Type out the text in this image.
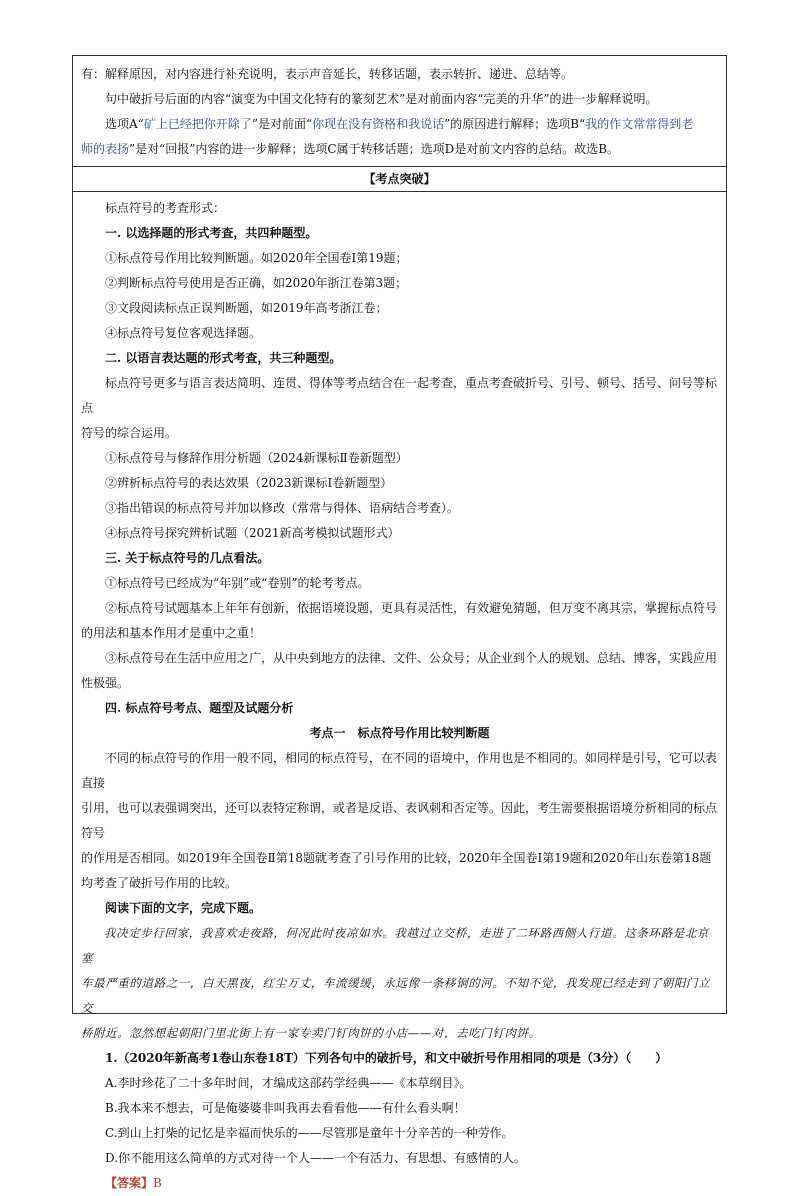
有：解释原因，对内容进行补充说明，表示声音延长，转移话题，表示转折、递进、总结等。

句中破折号后面的内容“演变为中国文化特有的篆刻艺术”是对前面内容“完美的升华”的进一步解释说明。

选项A“矿上已经把你开除了”是对前面“你现在没有资格和我说话”的原因进行解释；选项B“我的作文常常得到老

师的表扬”是对“回报”内容的进一步解释；选项C属于转移话题；选项D是对前文内容的总结。故选B。

【考点突破】

标点符号的考查形式：

一. 以选择题的形式考查，共四种题型。

①标点符号作用比较判断题。如2020年全国卷Ⅰ第19题；

②判断标点符号使用是否正确，如2020年浙江卷第3题；

③文段阅读标点正误判断题，如2019年高考浙江卷；

④标点符号复位客观选择题。

二. 以语言表达题的形式考查，共三种题型。

标点符号更多与语言表达简明、连贯、得体等考点结合在一起考查，重点考查破折号、引号、顿号、括号、问号等标点

符号的综合运用。

①标点符号与修辞作用分析题（2024新课标Ⅱ卷新题型）

②辨析标点符号的表达效果（2023新课标Ⅰ卷新题型）

③指出错误的标点符号并加以修改（常常与得体、语病结合考查）。

④标点符号探究辨析试题（2021新高考模拟试题形式）

三. 关于标点符号的几点看法。

①标点符号已经成为“年别”或“卷别”的轮考考点。

②标点符号试题基本上年年有创新，依据语境设题，更具有灵活性，有效避免猜题，但万变不离其宗，掌握标点符号

的用法和基本作用才是重中之重！

③标点符号在生活中应用之广，从中央到地方的法律、文件、公众号；从企业到个人的规划、总结、博客，实践应用

性极强。

四. 标点符号考点、题型及试题分析

考点一　标点符号作用比较判断题

不同的标点符号的作用一般不同，相同的标点符号，在不同的语境中，作用也是不相同的。如同样是引号，它可以表直接

引用，也可以表强调突出，还可以表特定称谓，或者是反语、表讽刺和否定等。因此，考生需要根据语境分析相同的标点符号

的作用是否相同。如2019年全国卷Ⅱ第18题就考查了引号作用的比较，2020年全国卷Ⅰ第19题和2020年山东卷第18题

均考查了破折号作用的比较。

阅读下面的文字，完成下题。

我决定步行回家，我喜欢走夜路，何况此时夜凉如水。我越过立交桥，走进了二环路西侧人行道。这条环路是北京塞

车最严重的道路之一，白天黑夜，红尘万丈，车流缓缓，永远像一条移铜的河。不知不觉，我发现已经走到了朝阳门立交

桥附近。忽然想起朝阳门里北街上有一家专卖门钉肉饼的小店——对，去吃门钉肉饼。

1.（2020年新高考1卷山东卷18T）下列各句中的破折号，和文中破折号作用相同的项是（3分）（　　）

A.李时珍花了二十多年时间，才编成这部药学经典——《本草纲目》。

B.我本来不想去，可是俺婆婆非叫我再去看看他——有什么看头啊！

C.到山上打柴的记忆是幸福而快乐的——尽管那是童年十分辛苦的一种劳作。

D.你不能用这么简单的方式对待一个人——一个有活力、有思想、有感情的人。

【答案】B
